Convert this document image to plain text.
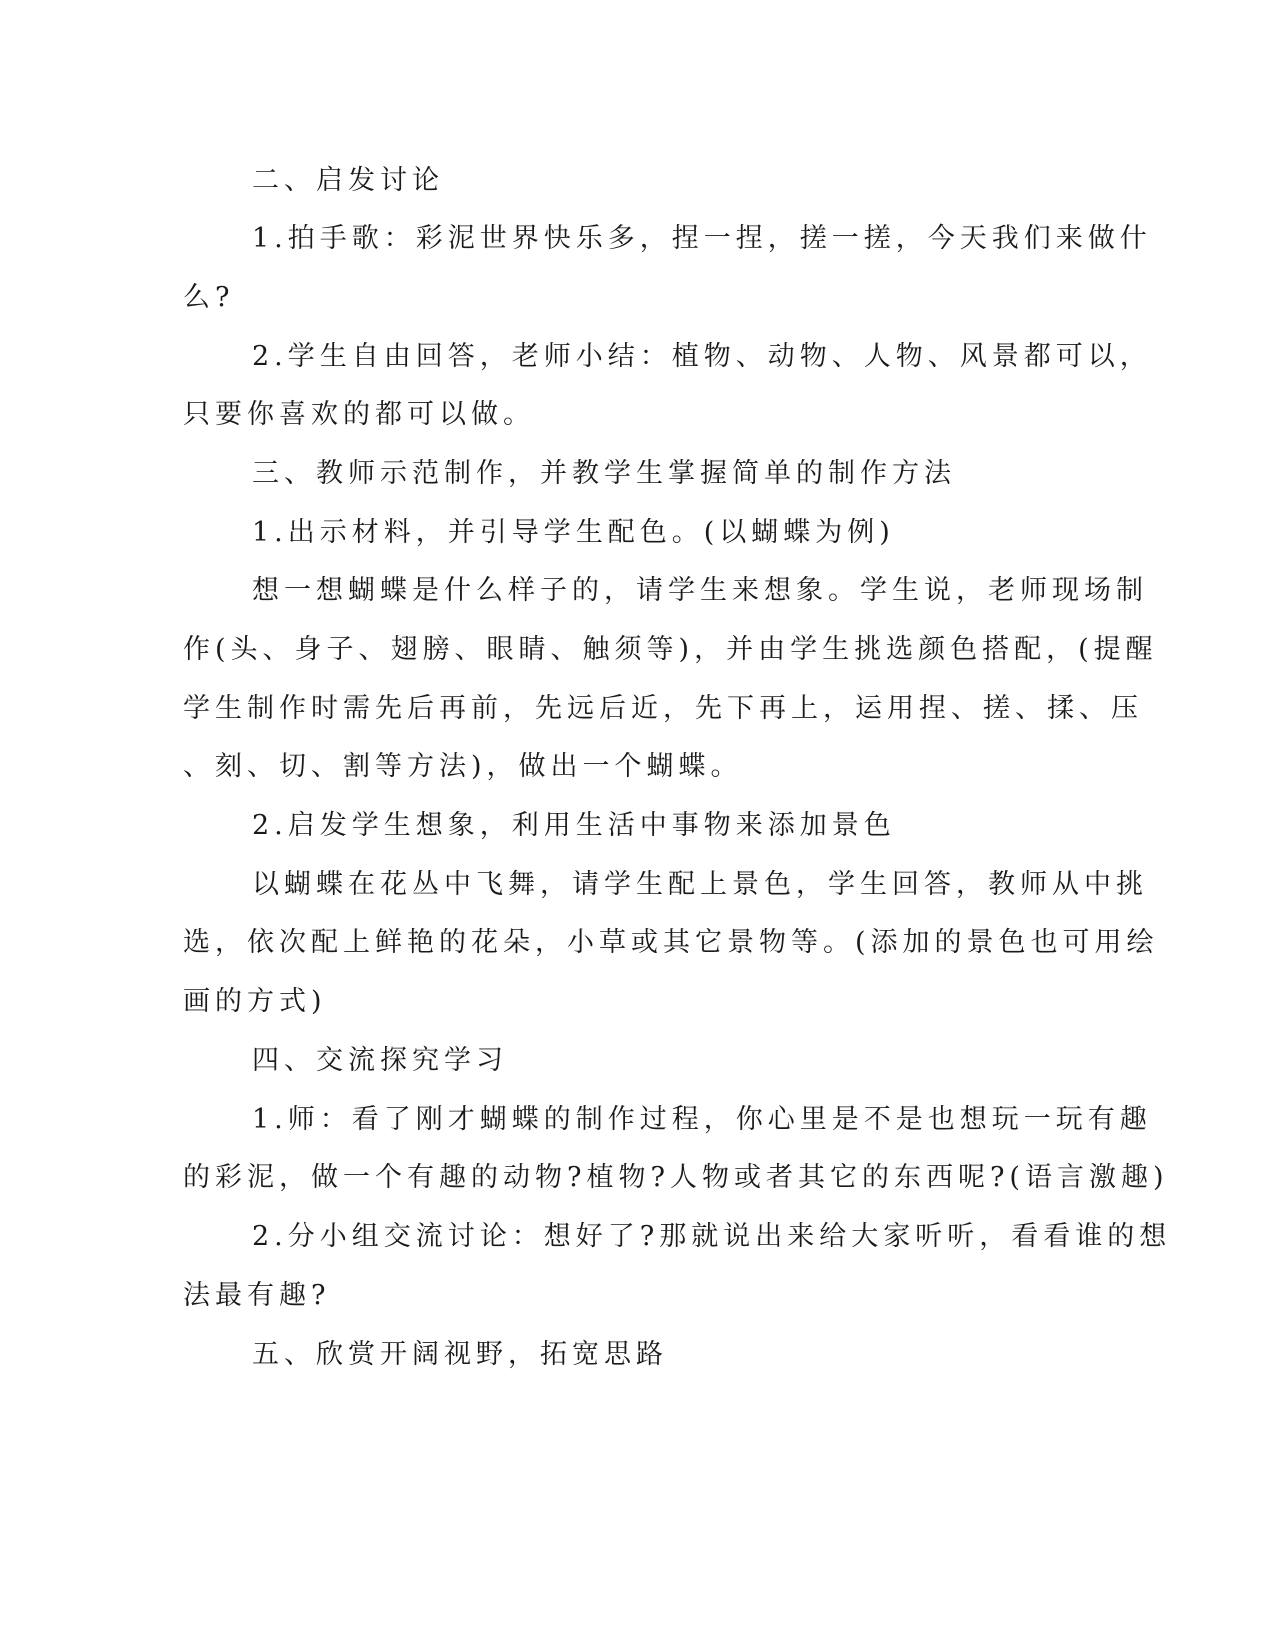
二、启发讨论
1.拍手歌：彩泥世界快乐多，捏一捏，搓一搓，今天我们来做什
么?
2.学生自由回答，老师小结：植物、动物、人物、风景都可以，
只要你喜欢的都可以做。
三、教师示范制作，并教学生掌握简单的制作方法
1.出示材料，并引导学生配色。(以蝴蝶为例)
想一想蝴蝶是什么样子的，请学生来想象。学生说，老师现场制
作(头、身子、翅膀、眼睛、触须等)，并由学生挑选颜色搭配，(提醒
学生制作时需先后再前，先远后近，先下再上，运用捏、搓、揉、压
、刻、切、割等方法)，做出一个蝴蝶。
2.启发学生想象，利用生活中事物来添加景色
以蝴蝶在花丛中飞舞，请学生配上景色，学生回答，教师从中挑
选，依次配上鲜艳的花朵，小草或其它景物等。(添加的景色也可用绘
画的方式)
四、交流探究学习
1.师：看了刚才蝴蝶的制作过程，你心里是不是也想玩一玩有趣
的彩泥，做一个有趣的动物?植物?人物或者其它的东西呢?(语言激趣)
2.分小组交流讨论：想好了?那就说出来给大家听听，看看谁的想
法最有趣?
五、欣赏开阔视野，拓宽思路
